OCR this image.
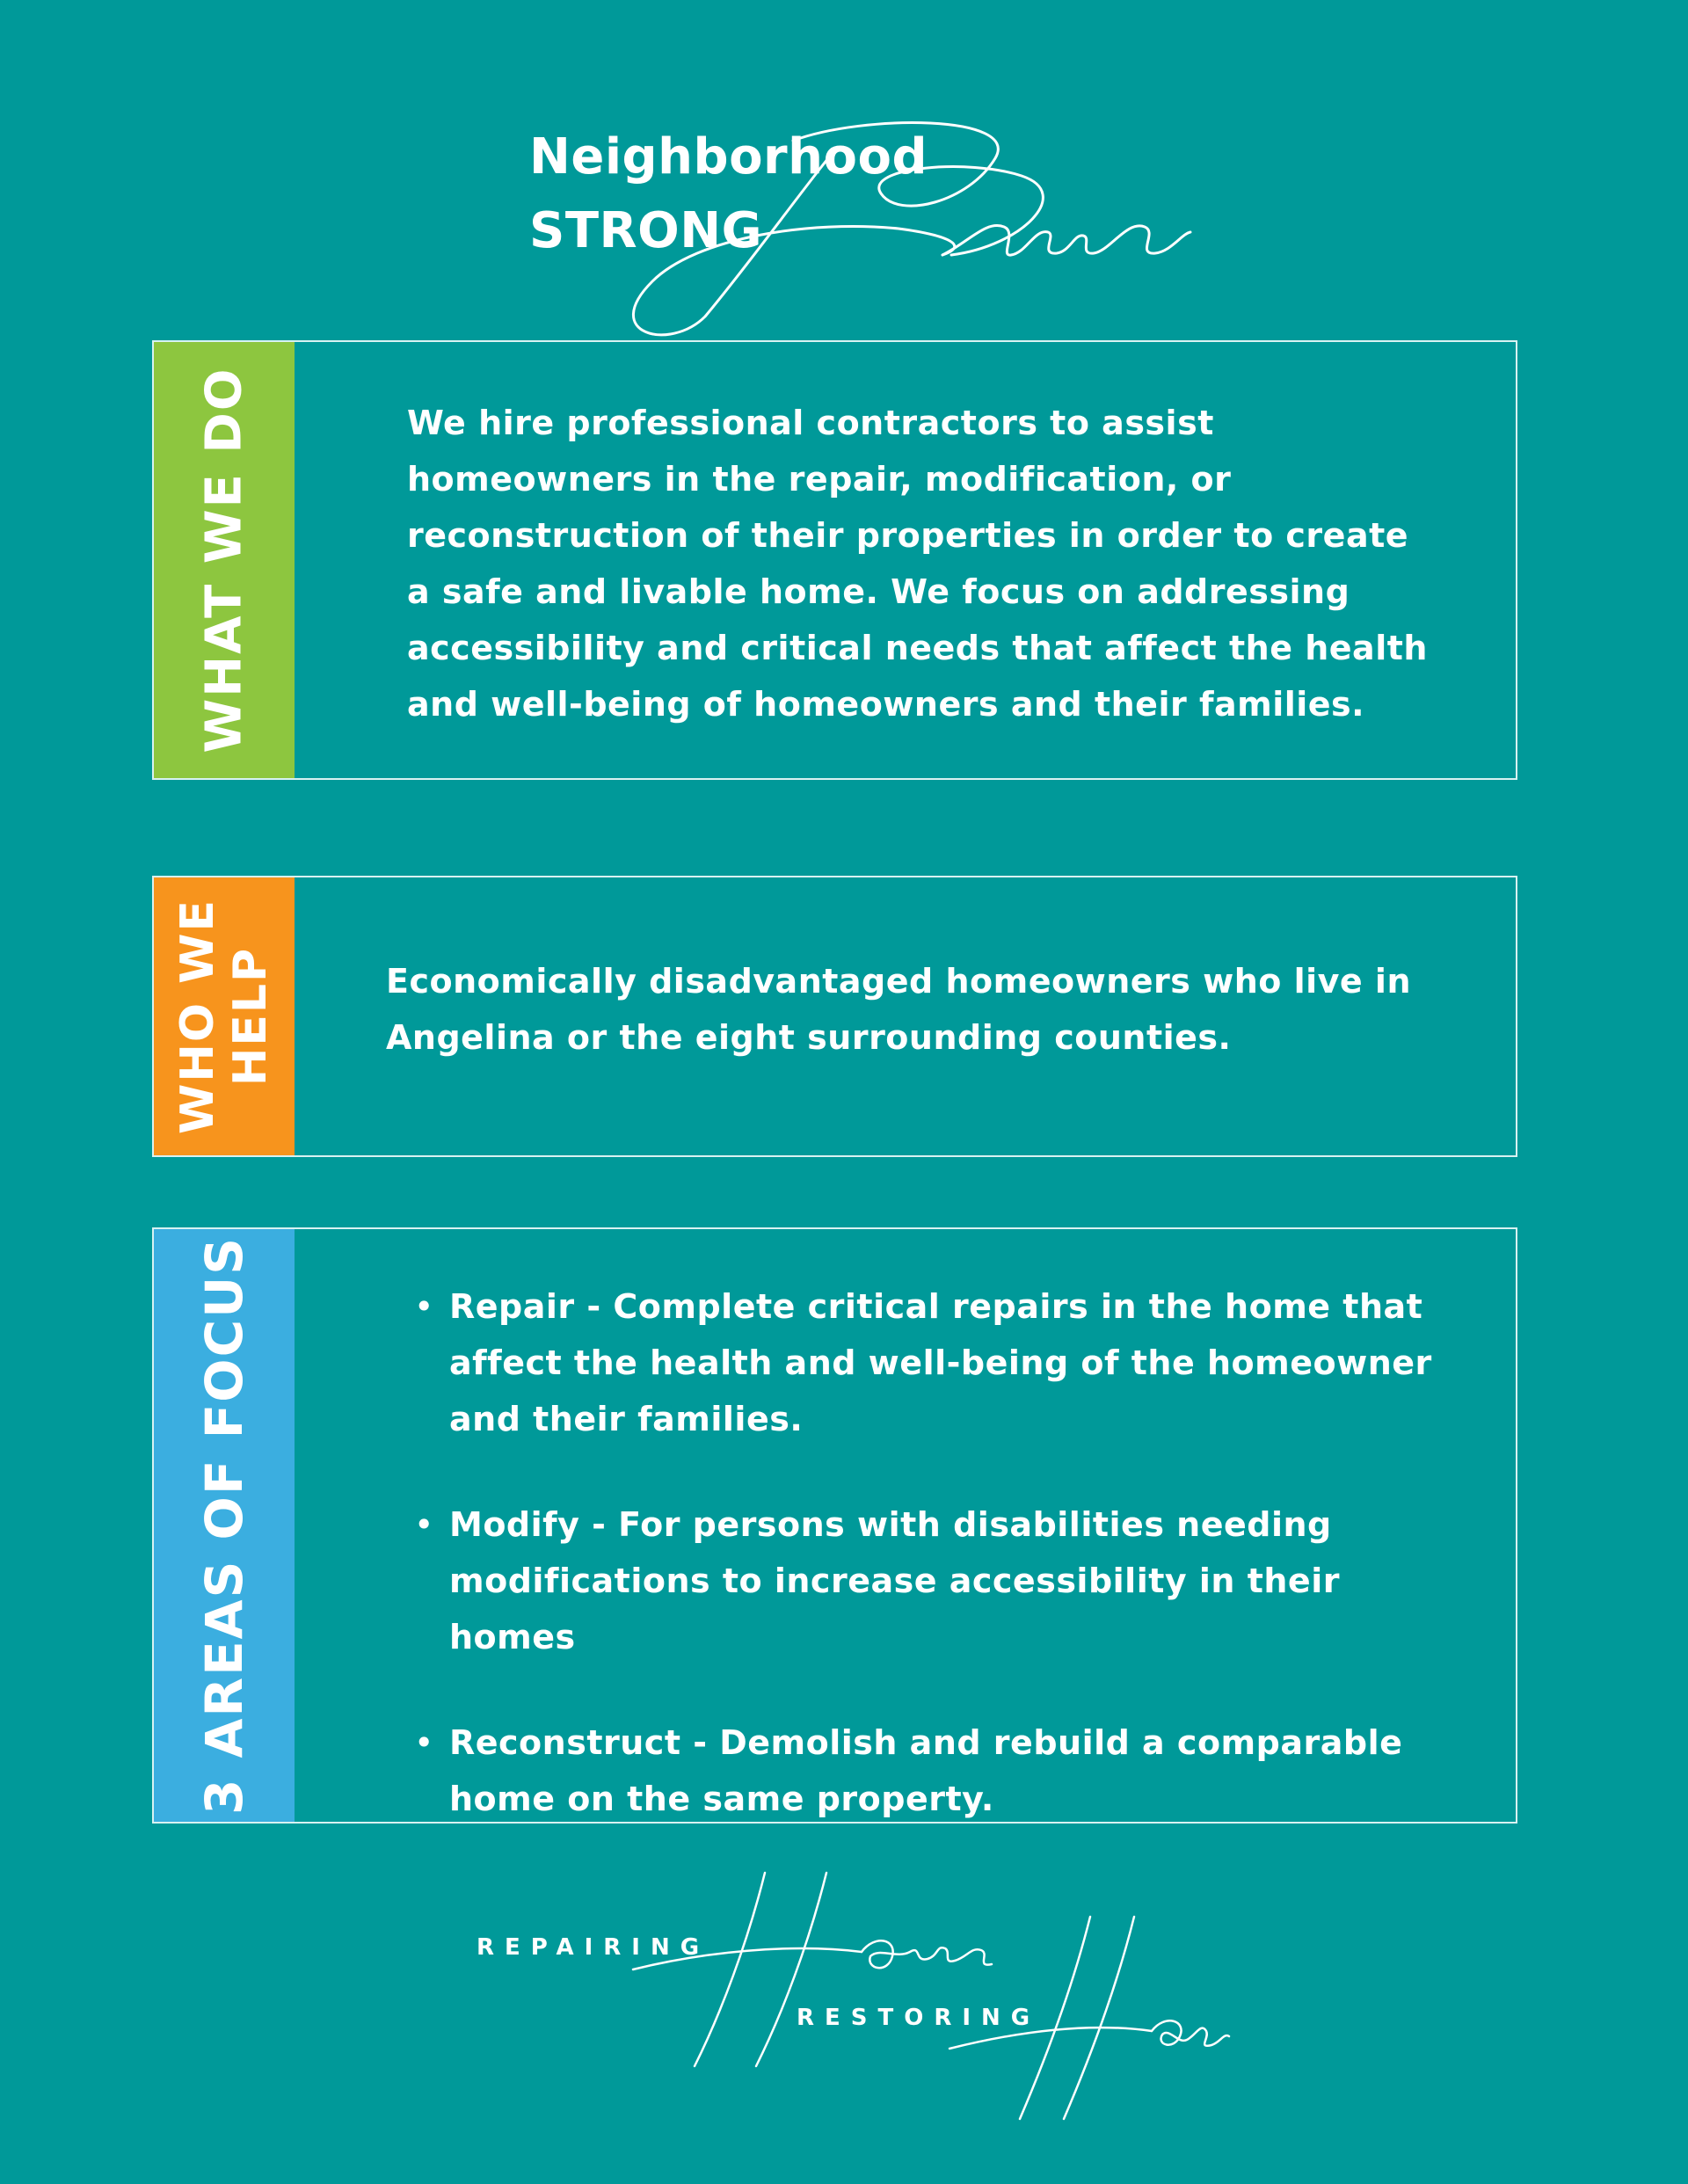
Neighborhood
STRONG
WHAT WE DO	We hire professional contractors to assist

homeowners in the repair, modification, or

reconstruction of their properties in order to create

a safe and livable home. We focus on addressing

accessibility and critical needs that affect the health

and well-being of homeowners and their families.

WHO WE HELP	Economically disadvantaged homeowners who live in

Angelina or the eight surrounding counties.

3 AREAS OF FOCUS

•	Repair - Complete critical repairs in the home that

affect the health and well-being of the homeowner

and their families.

• Modify - For persons with disabilities needing

modifications to increase accessibility in their homes

• Reconstruct - Demolish and rebuild a comparable

home on the same property.

REPAIRING
RESTORING
